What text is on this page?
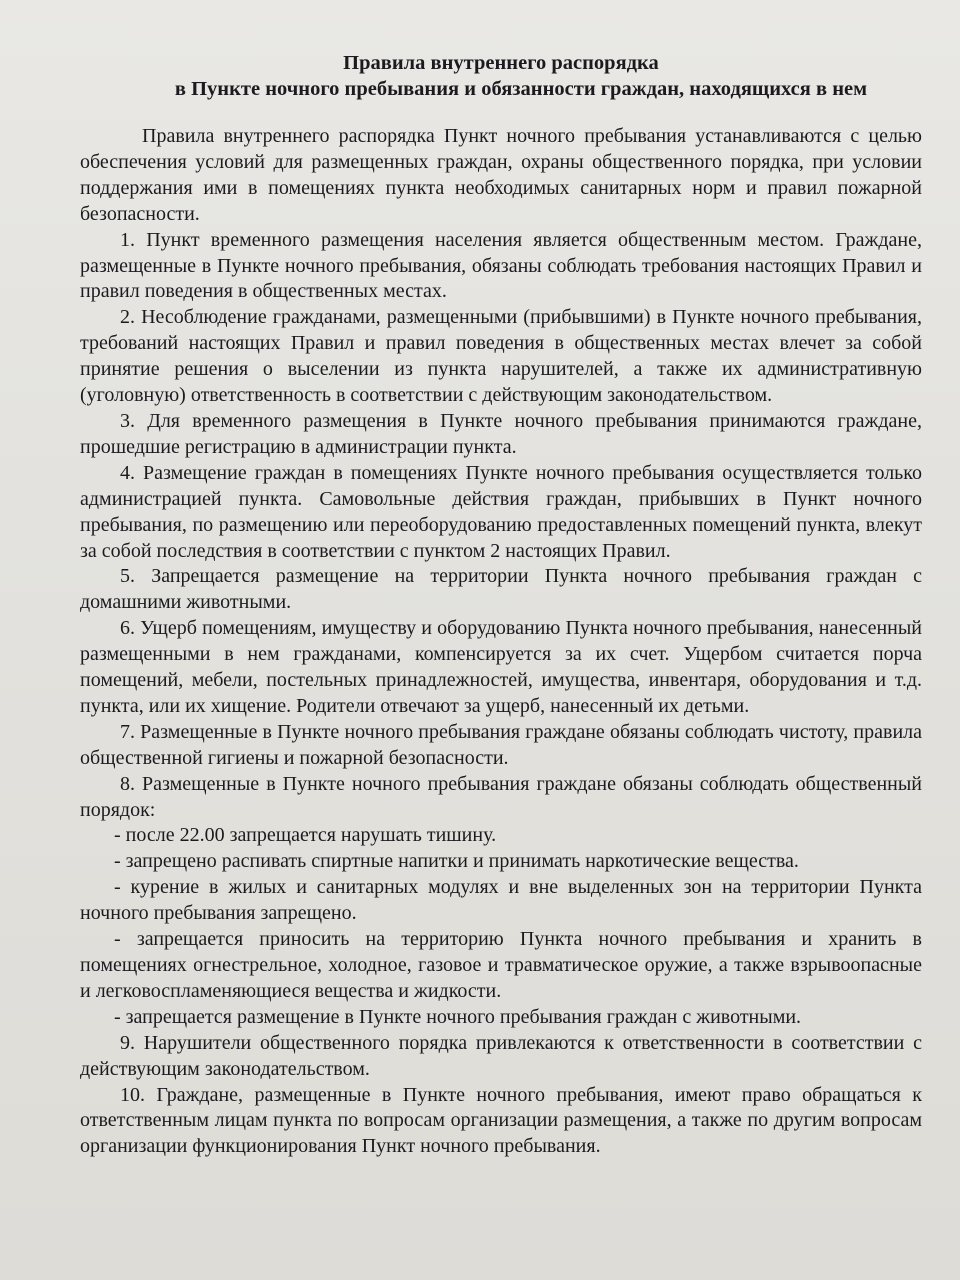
Правила внутреннего распорядка
в Пункте ночного пребывания и обязанности граждан, находящихся в нем

Правила внутреннего распорядка Пункт ночного пребывания устанавливаются с целью обеспечения условий для размещенных граждан, охраны общественного порядка, при условии поддержания ими в помещениях пункта необходимых санитарных норм и правил пожарной безопасности.

1. Пункт временного размещения населения является общественным местом. Граждане, размещенные в Пункте ночного пребывания, обязаны соблюдать требования настоящих Правил и правил поведения в общественных местах.

2. Несоблюдение гражданами, размещенными (прибывшими) в Пункте ночного пребывания, требований настоящих Правил и правил поведения в общественных местах влечет за собой принятие решения о выселении из пункта нарушителей, а также их административную (уголовную) ответственность в соответствии с действующим законодательством.

3. Для временного размещения в Пункте ночного пребывания принимаются граждане, прошедшие регистрацию в администрации пункта.

4. Размещение граждан в помещениях Пункте ночного пребывания осуществляется только администрацией пункта. Самовольные действия граждан, прибывших в Пункт ночного пребывания, по размещению или переоборудованию предоставленных помещений пункта, влекут за собой последствия в соответствии с пунктом 2 настоящих Правил.

5. Запрещается размещение на территории Пункта ночного пребывания граждан с домашними животными.

6. Ущерб помещениям, имуществу и оборудованию Пункта ночного пребывания, нанесенный размещенными в нем гражданами, компенсируется за их счет. Ущербом считается порча помещений, мебели, постельных принадлежностей, имущества, инвентаря, оборудования и т.д. пункта, или их хищение. Родители отвечают за ущерб, нанесенный их детьми.

7. Размещенные в Пункте ночного пребывания граждане обязаны соблюдать чистоту, правила общественной гигиены и пожарной безопасности.

8. Размещенные в Пункте ночного пребывания граждане обязаны соблюдать общественный порядок:

- после 22.00 запрещается нарушать тишину.

- запрещено распивать спиртные напитки и принимать наркотические вещества.

- курение в жилых и санитарных модулях и вне выделенных зон на территории Пункта ночного пребывания запрещено.

- запрещается приносить на территорию Пункта ночного пребывания и хранить в помещениях огнестрельное, холодное, газовое и травматическое оружие, а также взрывоопасные и легковоспламеняющиеся вещества и жидкости.

- запрещается размещение в Пункте ночного пребывания граждан с животными.

9. Нарушители общественного порядка привлекаются к ответственности в соответствии с действующим законодательством.

10. Граждане, размещенные в Пункте ночного пребывания, имеют право обращаться к ответственным лицам пункта по вопросам организации размещения, а также по другим вопросам организации функционирования Пункт ночного пребывания.
